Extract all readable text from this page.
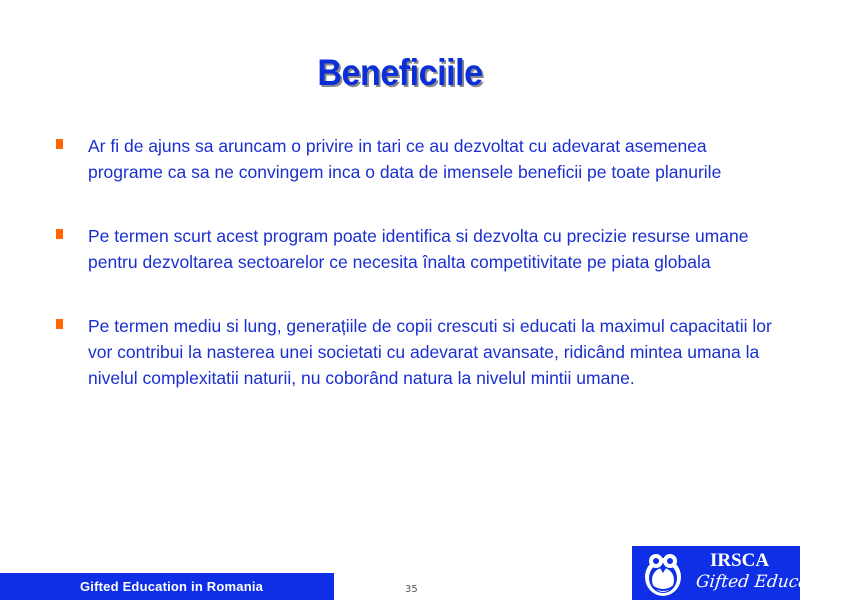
Beneficiile
Ar fi de ajuns sa aruncam o privire in tari ce au dezvoltat cu adevarat asemenea programe ca sa ne convingem inca o data de imensele beneficii pe toate planurile
Pe termen scurt acest program poate identifica si dezvolta cu precizie resurse umane pentru dezvoltarea sectoarelor ce necesita înalta competitivitate pe piata globala
Pe termen mediu si lung, generațiile de copii crescuti si educati la maximul capacitatii lor vor contribui la nasterea unei societati cu adevarat avansate, ridicând mintea umana la nivelul complexitatii naturii, nu coborând natura la nivelul mintii umane.
Gifted Education in Romania	35
IRSCA
Gifted Education
